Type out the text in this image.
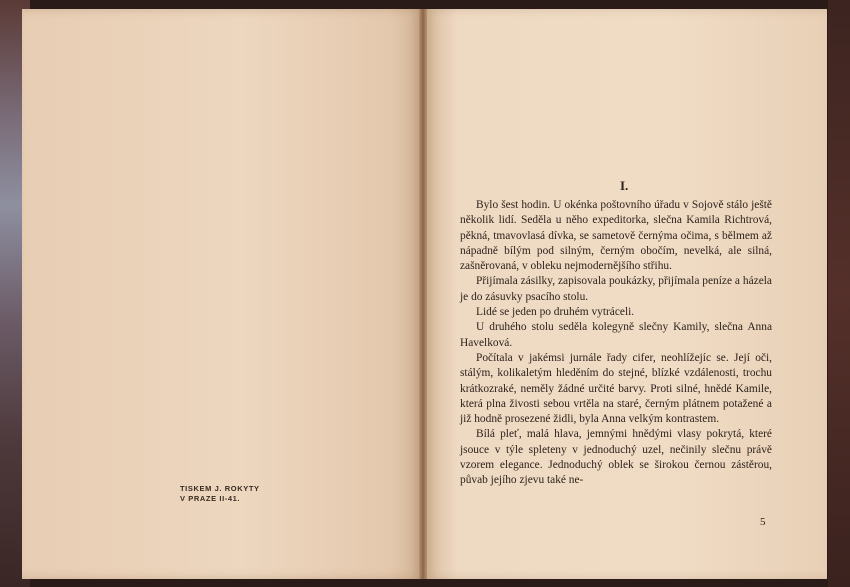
TISKEM J. ROKYTY
V PRAZE II-41.
I.

Bylo šest hodin. U okénka poštovního úřadu v Sojově stálo ještě několik lidí. Seděla u něho expeditorka, slečna Kamila Richtrová, pěkná, tmavovlasá dívka, se sametově černýma očima, s bělmem až nápadně bílým pod silným, černým obočím, nevelká, ale silná, zašněrovaná, v obleku nejmodernějšího střihu.

Přijímala zásilky, zapisovala poukázky, přijímala peníze a házela je do zásuvky psacího stolu.

Lidé se jeden po druhém vytráceli.

U druhého stolu seděla kolegyně slečny Kamily, slečna Anna Havelková.

Počítala v jakémsi jurnále řady cifer, neohlížejíc se. Její oči, stálým, kolikaletým hleděním do stejné, blízké vzdálenosti, trochu krátkozraké, neměly žádné určité barvy. Proti silné, hnědé Kamile, která plna živosti sebou vrtěla na staré, černým plátnem potažené a již hodně prosezené židli, byla Anna velkým kontrastem.

Bílá pleť, malá hlava, jemnými hnědými vlasy pokrytá, které jsouce v týle spleteny v jednoduchý uzel, nečinily slečnu právě vzorem elegance. Jednoduchý oblek se širokou černou zástěrou, půvab jejího zjevu také ne-

5
